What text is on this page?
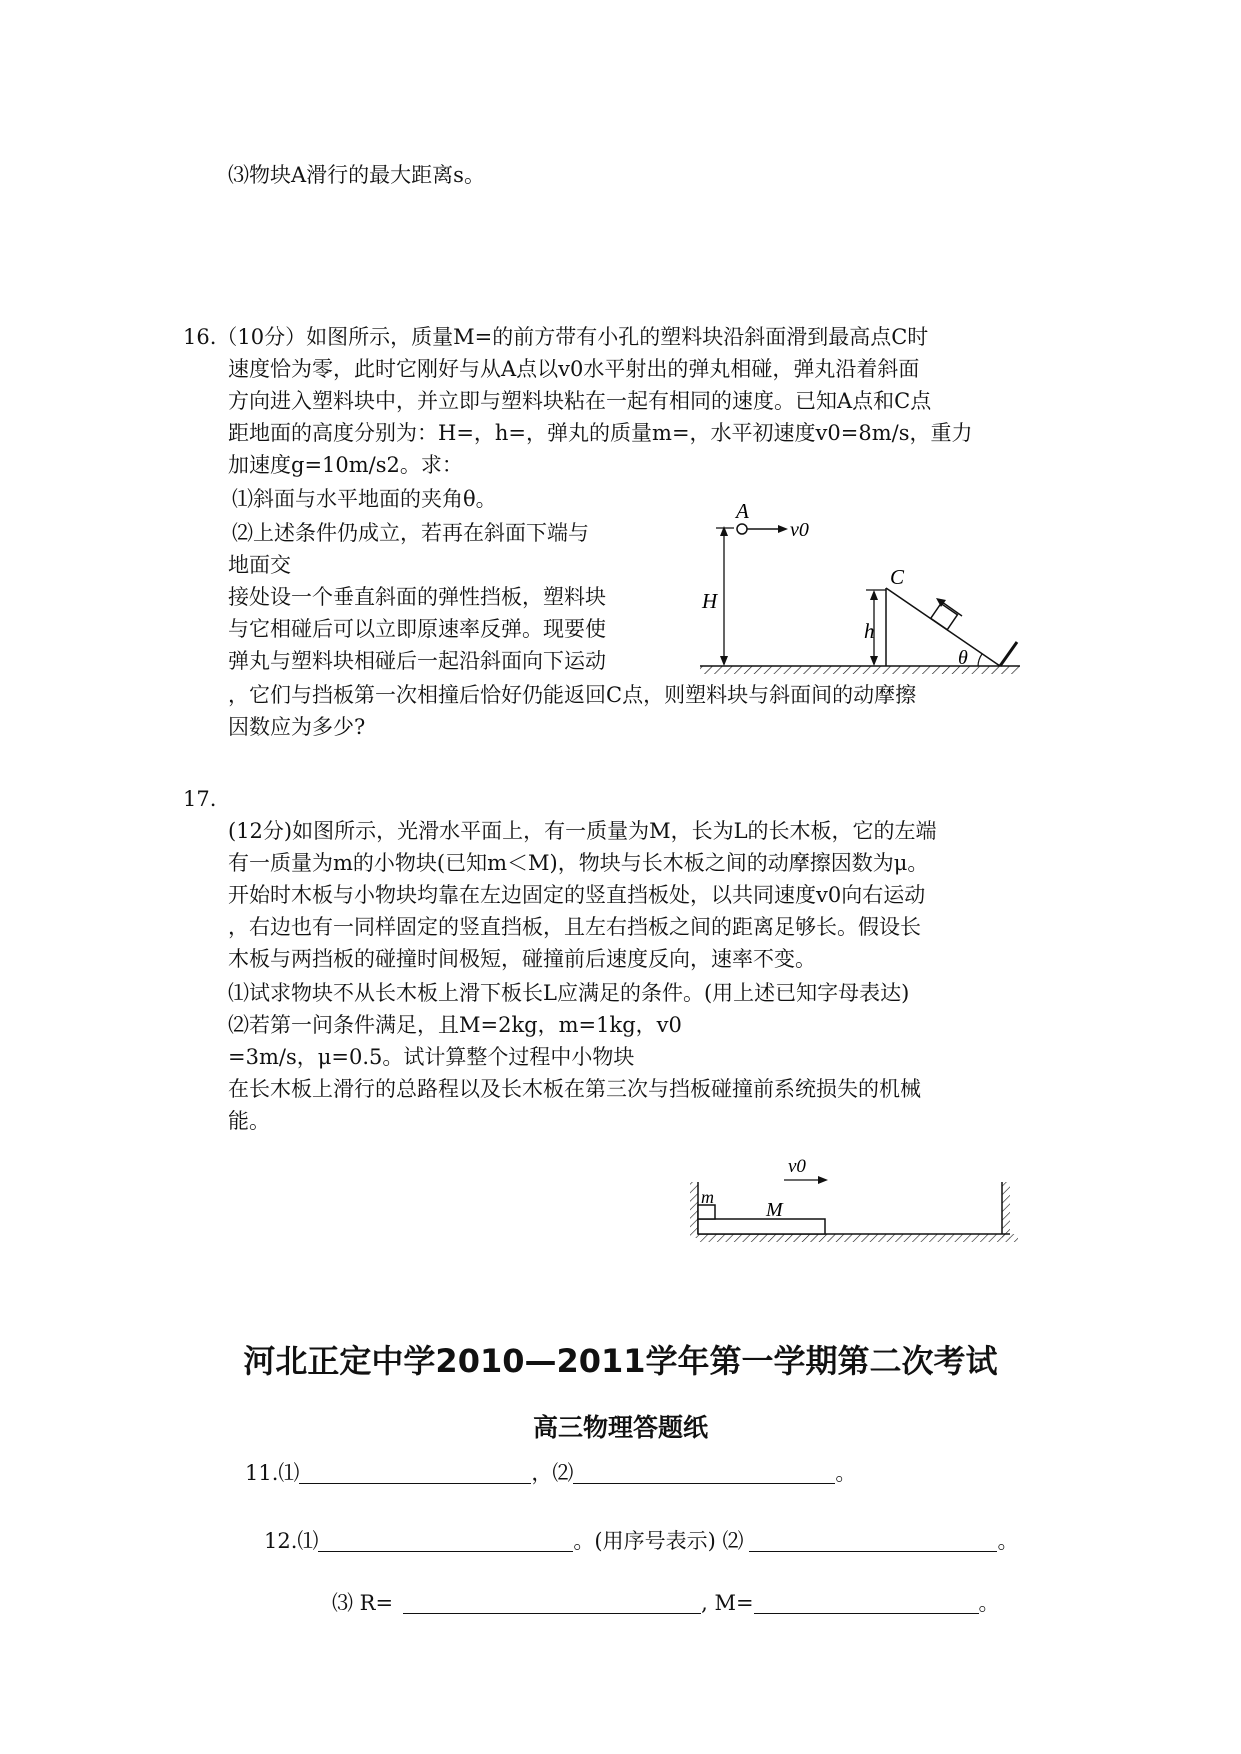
⑶物块A滑行的最大距离s。
16.（10分）如图所示，质量M=的前方带有小孔的塑料块沿斜面滑到最高点C时
速度恰为零，此时它刚好与从A点以v0水平射出的弹丸相碰，弹丸沿着斜面
方向进入塑料块中，并立即与塑料块粘在一起有相同的速度。已知A点和C点
距地面的高度分别为：H=，h=，弹丸的质量m=，水平初速度v0=8m/s，重力
加速度g=10m/s2。求：
⑴斜面与水平地面的夹角θ。
⑵上述条件仍成立，若再在斜面下端与
地面交
接处设一个垂直斜面的弹性挡板，塑料块
与它相碰后可以立即原速率反弹。现要使
弹丸与塑料块相碰后一起沿斜面向下运动
，它们与挡板第一次相撞后恰好仍能返回C点，则塑料块与斜面间的动摩擦
因数应为多少?
H
A
v0
h
C
θ
17.
(12分)如图所示，光滑水平面上，有一质量为M，长为L的长木板，它的左端
有一质量为m的小物块(已知m＜M)，物块与长木板之间的动摩擦因数为μ。
开始时木板与小物块均靠在左边固定的竖直挡板处，以共同速度v0向右运动
，右边也有一同样固定的竖直挡板，且左右挡板之间的距离足够长。假设长
木板与两挡板的碰撞时间极短，碰撞前后速度反向，速率不变。
⑴试求物块不从长木板上滑下板长L应满足的条件。(用上述已知字母表达)
⑵若第一问条件满足，且M=2kg，m=1kg，v0
=3m/s，μ=0.5。试计算整个过程中小物块
在长木板上滑行的总路程以及长木板在第三次与挡板碰撞前系统损失的机械
能。
m
M
v0
河北正定中学2010—2011学年第一学期第二次考试
高三物理答题纸
11.⑴	，⑵	。
12.⑴	。(用序号表示) ⑵	。
⑶ R=	, M=	。
